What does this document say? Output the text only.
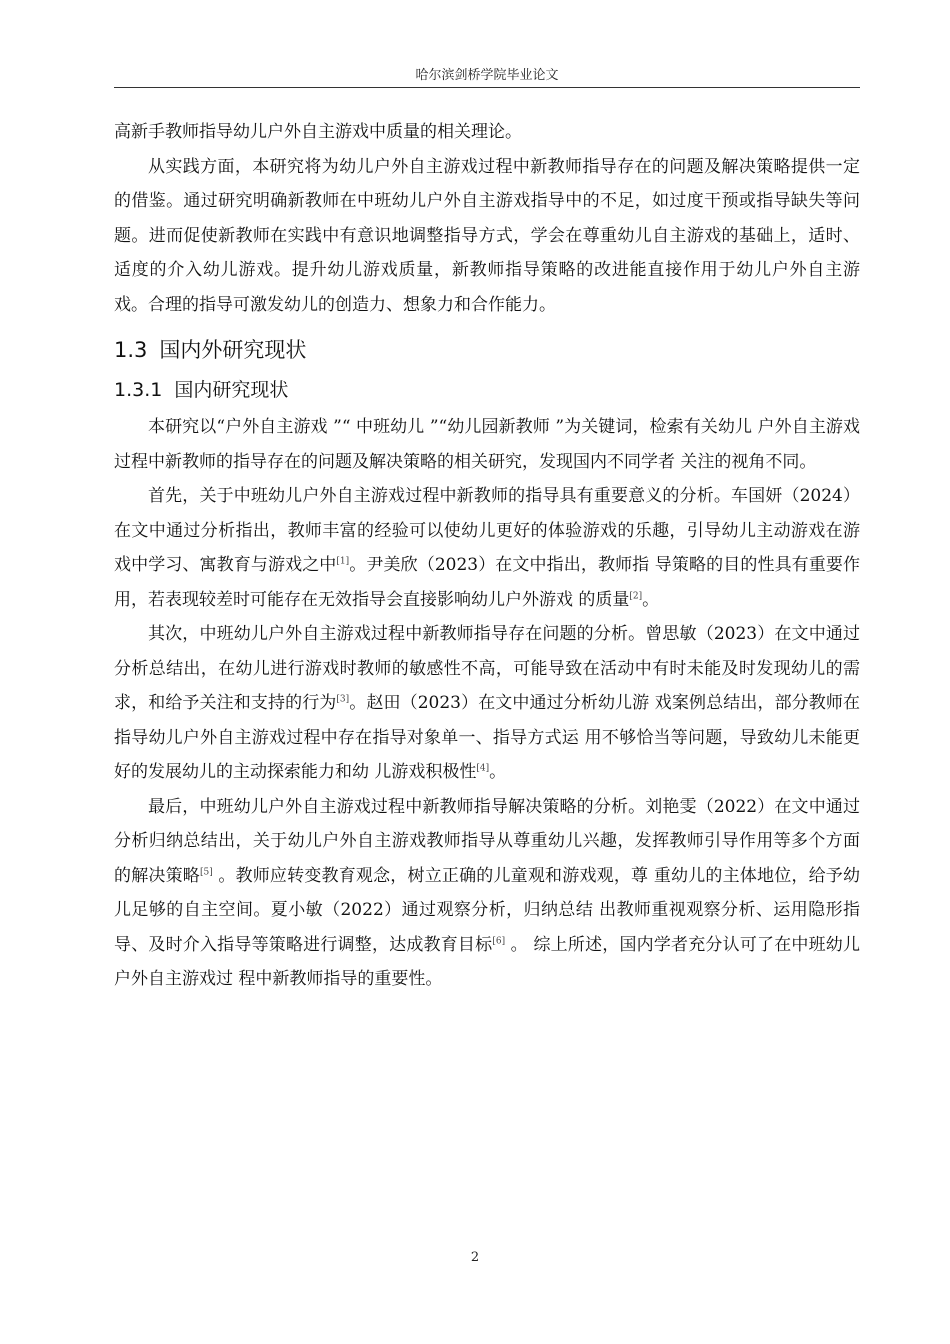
哈尔滨剑桥学院毕业论文

高新手教师指导幼儿户外自主游戏中质量的相关理论。

从实践方面，本研究将为幼儿户外自主游戏过程中新教师指导存在的问题及解决策略提供一定的借鉴。通过研究明确新教师在中班幼儿户外自主游戏指导中的不足，如过度干预或指导缺失等问题。进而促使新教师在实践中有意识地调整指导方式，学会在尊重幼儿自主游戏的基础上，适时、适度的介入幼儿游戏。提升幼儿游戏质量，新教师指导策略的改进能直接作用于幼儿户外自主游戏。合理的指导可激发幼儿的创造力、想象力和合作能力。

1.3 国内外研究现状
1.3.1 国内研究现状

本研究以“户外自主游戏 ”“ 中班幼儿 ”“幼儿园新教师 ”为关键词，检索有关幼儿 户外自主游戏过程中新教师的指导存在的问题及解决策略的相关研究，发现国内不同学者 关注的视角不同。

首先，关于中班幼儿户外自主游戏过程中新教师的指导具有重要意义的分析。车国妍（2024）在文中通过分析指出，教师丰富的经验可以使幼儿更好的体验游戏的乐趣，引导幼儿主动游戏在游戏中学习、寓教育与游戏之中[1]。尹美欣（2023）在文中指出，教师指 导策略的目的性具有重要作用，若表现较差时可能存在无效指导会直接影响幼儿户外游戏 的质量[2]。

其次，中班幼儿户外自主游戏过程中新教师指导存在问题的分析。曾思敏（2023）在文中通过分析总结出，在幼儿进行游戏时教师的敏感性不高，可能导致在活动中有时未能及时发现幼儿的需求，和给予关注和支持的行为[3]。赵田（2023）在文中通过分析幼儿游 戏案例总结出，部分教师在指导幼儿户外自主游戏过程中存在指导对象单一、指导方式运 用不够恰当等问题，导致幼儿未能更好的发展幼儿的主动探索能力和幼 儿游戏积极性[4]。

最后，中班幼儿户外自主游戏过程中新教师指导解决策略的分析。刘艳雯（2022）在文中通过分析归纳总结出，关于幼儿户外自主游戏教师指导从尊重幼儿兴趣，发挥教师引导作用等多个方面的解决策略[5] 。教师应转变教育观念，树立正确的儿童观和游戏观，尊 重幼儿的主体地位，给予幼儿足够的自主空间。夏小敏（2022）通过观察分析，归纳总结 出教师重视观察分析、运用隐形指导、及时介入指导等策略进行调整，达成教育目标[6] 。 综上所述，国内学者充分认可了在中班幼儿户外自主游戏过 程中新教师指导的重要性。

2
